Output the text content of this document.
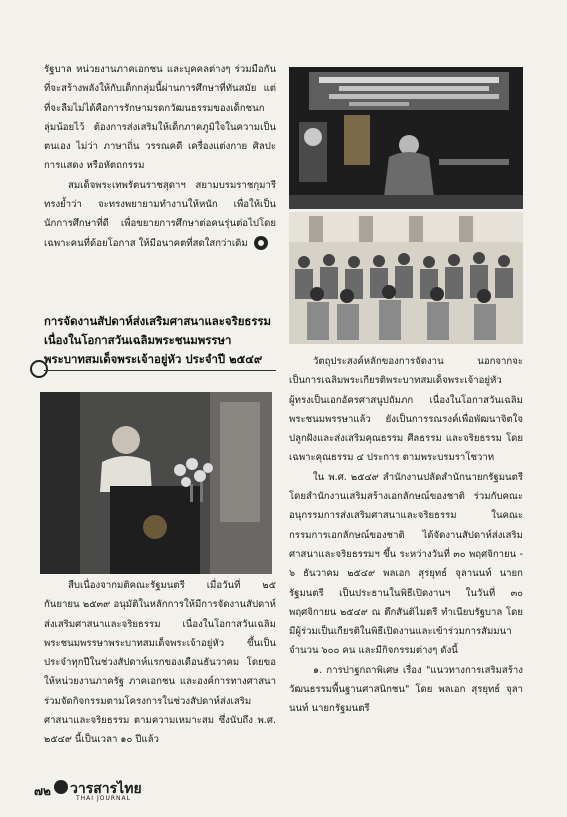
รัฐบาล หน่วยงานภาคเอกชน และบุคคลต่างๆ ร่วมมือกันที่จะสร้างพลังให้กับเด็กกลุ่มนี้ผ่านการศึกษาที่ทันสมัย แต่ที่จะลืมไม่ได้คือการรักษามรดกวัฒนธรรมของเด็กชนกลุ่มน้อยไว้ ต้องการส่งเสริมให้เด็กภาคภูมิใจในความเป็นตนเอง ไม่ว่า ภาษาถิ่น วรรณคดี เครื่องแต่งกาย ศิลปะการแสดง หรือหัตถกรรม

สมเด็จพระเทพรัตนราชสุดาฯ สยามบรมราชกุมารี ทรงย้ำว่า จะทรงพยายามทำงานให้หนัก เพื่อให้เป็นนักการศึกษาที่ดี เพื่อขยายการศึกษาต่อคนรุ่นต่อไปโดยเฉพาะคนที่ด้อยโอกาส ให้มีอนาคตที่สดใสกว่าเดิม

การจัดงานสัปดาห์ส่งเสริมศาสนาและจริยธรรม
เนื่องในโอกาสวันเฉลิมพระชนมพรรษา
พระบาทสมเด็จพระเจ้าอยู่หัว ประจำปี ๒๕๔๙

สืบเนื่องจากมติคณะรัฐมนตรี เมื่อวันที่ ๒๕ กันยายน ๒๕๓๙ อนุมัติในหลักการให้มีการจัดงานสัปดาห์ส่งเสริมศาสนาและจริยธรรม เนื่องในโอกาสวันเฉลิมพระชนมพรรษาพระบาทสมเด็จพระเจ้าอยู่หัว ขึ้นเป็นประจำทุกปีในช่วงสัปดาห์แรกของเดือนธันวาคม โดยขอให้หน่วยงานภาครัฐ ภาคเอกชน และองค์การทางศาสนาร่วมจัดกิจกรรมตามโครงการในช่วงสัปดาห์ส่งเสริมศาสนาและจริยธรรม ตามความเหมาะสม ซึ่งนับถึง พ.ศ. ๒๕๔๙ นี้เป็นเวลา ๑๐ ปีแล้ว

วัตถุประสงค์หลักของการจัดงาน นอกจากจะเป็นการเฉลิมพระเกียรติพระบาทสมเด็จพระเจ้าอยู่หัวผู้ทรงเป็นเอกอัครศาสนูปถัมภก เนื่องในโอกาสวันเฉลิมพระชนมพรรษาแล้ว ยังเป็นการรณรงค์เพื่อพัฒนาจิตใจ ปลูกฝังและส่งเสริมคุณธรรม ศีลธรรม และจริยธรรม โดยเฉพาะคุณธรรม ๔ ประการ ตามพระบรมราโชวาท

ใน พ.ศ. ๒๕๔๙ สำนักงานปลัดสำนักนายกรัฐมนตรี โดยสำนักงานเสริมสร้างเอกลักษณ์ของชาติ ร่วมกับคณะอนุกรรมการส่งเสริมศาสนาและจริยธรรม ในคณะกรรมการเอกลักษณ์ของชาติ ได้จัดงานสัปดาห์ส่งเสริมศาสนาและจริยธรรมฯ ขึ้น ระหว่างวันที่ ๓๐ พฤศจิกายน - ๖ ธันวาคม ๒๕๔๙ พลเอก สุรยุทธ์ จุลานนท์ นายกรัฐมนตรี เป็นประธานในพิธีเปิดงานฯ ในวันที่ ๓๐ พฤศจิกายน ๒๕๔๙ ณ ตึกสันติไมตรี ทำเนียบรัฐบาล โดยมีผู้ร่วมเป็นเกียรติในพิธีเปิดงานและเข้าร่วมการสัมมนา จำนวน ๖๐๐ คน และมีกิจกรรมต่างๆ ดังนี้

๑. การปาฐกถาพิเศษ เรื่อง "แนวทางการเสริมสร้างวัฒนธรรมพื้นฐานศาสนิกชน" โดย พลเอก สุรยุทธ์ จุลานนท์ นายกรัฐมนตรี

๗๒ วารสารไทย
THAI JOURNAL
